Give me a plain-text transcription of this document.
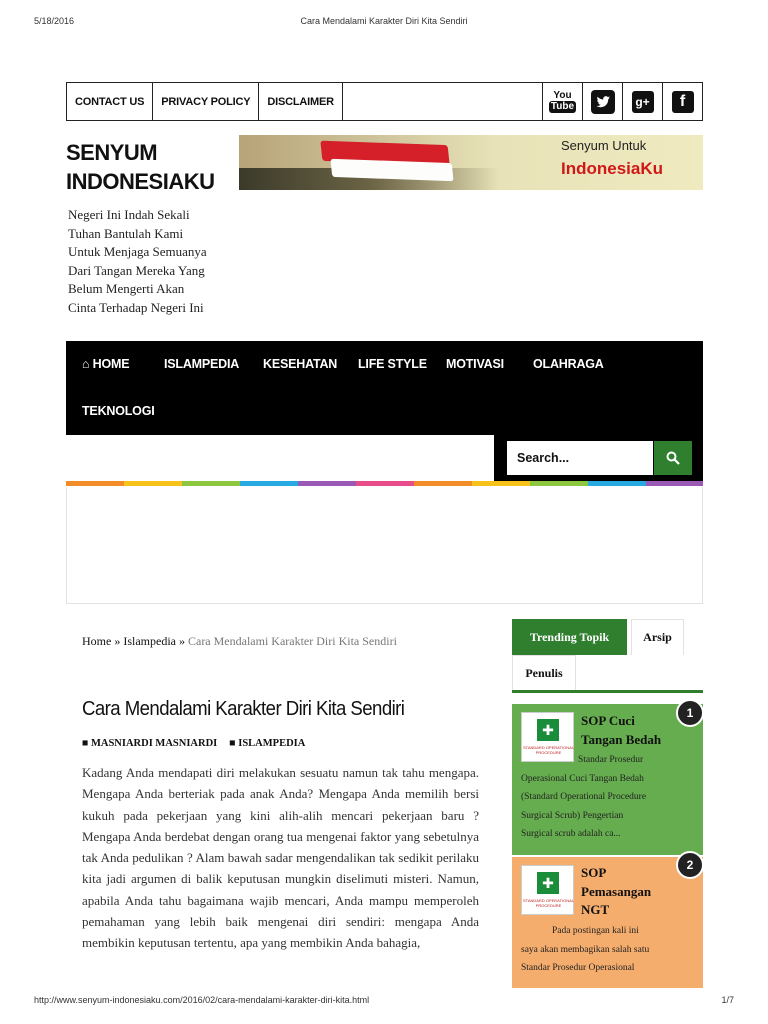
5/18/2016	Cara Mendalami Karakter Diri Kita Sendiri
CONTACT US	PRIVACY POLICY	DISCLAIMER
You
Tube	g+	f
SENYUM
INDONESIAKU
Negeri Ini Indah Sekali
Tuhan Bantulah Kami
Untuk Menjaga Semuanya
Dari Tangan Mereka Yang
Belum Mengerti Akan
Cinta Terhadap Negeri Ini
Senyum Untuk
IndonesiaKu
⌂ HOME	ISLAMPEDIA KESEHATAN LIFE STYLE MOTIVASI OLAHRAGA
TEKNOLOGI
Search...
Home » Islampedia » Cara Mendalami Karakter Diri Kita Sendiri
Cara Mendalami Karakter Diri Kita Sendiri
■ MASNIARDI MASNIARDI ■ ISLAMPEDIA
Kadang Anda mendapati diri melakukan sesuatu namun tak tahu mengapa. Mengapa Anda berteriak pada anak Anda? Mengapa Anda memilih bersi kukuh pada pekerjaan yang kini alih-alih mencari pekerjaan baru ? Mengapa Anda berdebat dengan orang tua mengenai faktor yang sebetulnya tak Anda pedulikan ? Alam bawah sadar mengendalikan tak sedikit perilaku kita jadi argumen di balik keputusan mungkin diselimuti misteri. Namun, apabila Anda tahu bagaimana wajib mencari, Anda mampu memperoleh pemahaman yang lebih baik mengenai diri sendiri: mengapa Anda membikin keputusan tertentu, apa yang membikin Anda bahagia,
Trending Topik	Arsip
Penulis
✚
STANDARD OPERATIONAL PROCEDURE
SOP Cuci
Tangan Bedah
Standar Prosedur
Operasional Cuci Tangan Bedah
(Standard Operational Procedure
Surgical Scrub) Pengertian
Surgical scrub adalah ca...
1
✚
STANDARD OPERATIONAL PROCEDURE
SOP
Pemasangan
NGT
Pada postingan kali ini
saya akan membagikan salah satu
Standar Prosedur Operasional
2
http://www.senyum-indonesiaku.com/2016/02/cara-mendalami-karakter-diri-kita.html	1/7
